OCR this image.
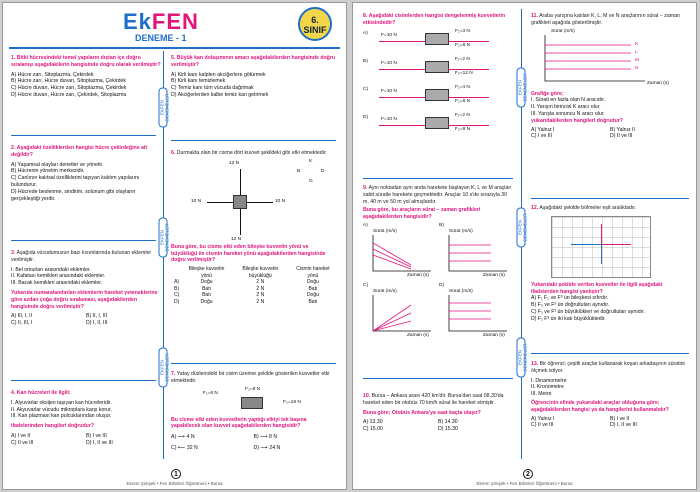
EkFEN
DENEME - 1
6. SINIF
EKFEN DENEMELER
EKFEN DENEMELER
EKFEN DENEMELER
1. Bitki hücresindeki temel yapıların dıştan içe doğru sıralanışı aşağıdakilerin hangisinde doğru olarak verilmiştir?
A) Hücre zarı, Sitoplazma, Çekirdek
B) Hücre zarı, Hücre duvarı, Sitoplazma, Çekirdek
C) Hücre duvarı, Hücre zarı, Sitoplazma, Çekirdek
D) Hücre duvarı, Hücre zarı, Çekirdek, Sitoplazma
2. Aşağıdaki özelliklerden hangisi hücre çekirdeğine ait değildir?
A) Yaşamsal olayları denetler ve yönetir.
B) Hücrenin yönetim merkezidir.
C) Canlının kalıtsal özelliklerini taşıyan kalıtım yapılarını bulundurur.
D) Hücrede beslenme, sindirim, solunum gibi olayların gerçekleştiği yerdir.
3. Aşağıda vücudumuzun bazı kısımlarında bulunan eklemler verilmiştir.
I. Bel omurları arasındaki eklemler.
II. Kafatası kemikleri arasındaki eklemler.
III. Bacak kemikleri arasındaki eklemler.
Yukarıda numaralandırılan eklemlerin hareket yeteneklerine göre azdan çoğa doğru sıralaması, aşağıdakilerden hangisinde doğru verilmiştir?
A) III, I, II	B) II, I, III
C) II, III, I	D) I, II, III
4. Kan hücreleri ile ilgili;
I. Alyuvarlar oksijen taşıyan kan hücreleridir.
II. Akyuvarlar vücudu mikroplara karşı korur.
III. Kan plazması kan pulcuklarından oluşur.
ifadelerinden hangileri doğrudur?
A) I ve II	B) I ve III
C) II ve III	D) I, II ve III
5. Büyük kan dolaşımının amacı aşağıdakilerden hangisinde doğru verilmiştir?
A) Kirli kanı kalpten akciğerlere götürmek
B) Kirli kanı temizlemek
C) Temiz kanı tüm vücuda dağıtmak
D) Akciğerlerden kalbe temiz kan getirmek
6. Durmakta olan bir cisme dört kuvvet şekildeki gibi etki etmektedir.
12 N
10 N
12 N
10 N
K
B	D
G
Buna göre, bu cisme etki eden bileşke kuvvetin yönü ve büyüklüğü ile cismin hareket yönü aşağıdakilerden hangisinde doğru verilmiştir?
	Bileşke kuvvetin yönü	Bileşke kuvvetin büyüklüğü	Cismin hareket yönü
A)	Doğu	2 N	Doğu
B)	Batı	2 N	Batı
C)	Batı	2 N	Doğu
D)	Doğu	2 N	Batı
7. Yatay düzlemdeki bir cisim üzerine şekilde gösterilen kuvvetler etki etmektedir.
F₁=6 N
F₂=8 N
F₃=18 N
Bu cisme etki eden kuvvetlerin yaptığı etkiyi tek başına yapabilecek olan kuvvet aşağıdakilerden hangisidir?
A) ⟶ 4 N	B) ⟶ 8 N
C) ⟵ 32 N	D) ⟶ 24 N
1
Ekrem Şimşek • Fen Bilimleri Öğretmeni • Bursa
EKFEN DENEMELER
EKFEN DENEMELER
EKFEN DENEMELER
8. Aşağıdaki cisimlerden hangisi dengelenmiş kuvvetlerin etkisindedir?
A)
B)
C)
D)
F=10 N
F=10 N
F=10 N
F=10 N
F₁=3 N
F₂=6 N
F₁=2 N
F₂=12 N
F₁=4 N
F₂=6 N
F₁=2 N
F₂=8 N
9. Aynı noktadan aynı anda harekete başlayan K, L ve M araçları sabit süratle harekete geçmektedir. Araçlar 10 s'de sırasıyla 30 m, 40 m ve 50 m yol almışlardır.
Buna göre, bu araçların sürat – zaman grafikleri aşağıdakilerden hangisidir?
A)	B)
C)	D)
Sürat (m/s)	Sürat (m/s)
Sürat (m/s)	Sürat (m/s)
Zaman (s)	Zaman (s)
Zaman (s)	Zaman (s)
10. Bursa – Ankara arası 420 km'dir. Bursa'dan saat 08.30'da hareket eden bir otobüs 70 km/h sürat ile hareket etmiştir.
Buna göre; Otobüs Ankara'ya saat kaçta ulaşır?
A) 13.30	B) 14.30
C) 15.00	D) 15.30
11. Araba yarışına katılan K, L, M ve N araçlarının sürat – zaman grafikleri aşağıda gösterilmiştir.
Sürat (m/s)
K
L
M
N
Zaman (s)
Grafiğe göre;
I. Sürati en fazla olan N aracıdır.
II. Yarışın birincisi K aracı olur.
III. Yarışta sonuncu N aracı olur.
yukarıdakilerden hangileri doğrudur?
A) Yalnız I	B) Yalnız II
C) I ve III	D) II ve III
12. Aşağıdaki şekilde bölmeler eşit aralıktadır.
Yukarıdaki şekilde verilen kuvvetler ile ilgili aşağıdaki ifadelerden hangisi yanlıştır?
A) F₁ F₂ ve F³ ün bileşkesi sıfırdır.
B) F₃ ve F³ ün doğrultuları aynıdır.
C) F₁ ve F³ ün büyüklükleri ve doğrultuları aynıdır.
D) F₁ F³ ün iki katı büyüklüktedir.
13. Bir öğrenci; çeşitli araçlar kullanarak koşan arkadaşının süratini ölçmek istiyor.
I. Dinamometre
II. Kronometre
III. Metre
Öğrencinin elinde yukarıdaki araçlar olduğuna göre; aşağıdakilerden hangisi ya da hangilerini kullanmalıdır?
A) Yalnız I	B) I ve II
C) II ve III	D) I, II ve III
2
Ekrem Şimşek • Fen Bilimleri Öğretmeni • Bursa
